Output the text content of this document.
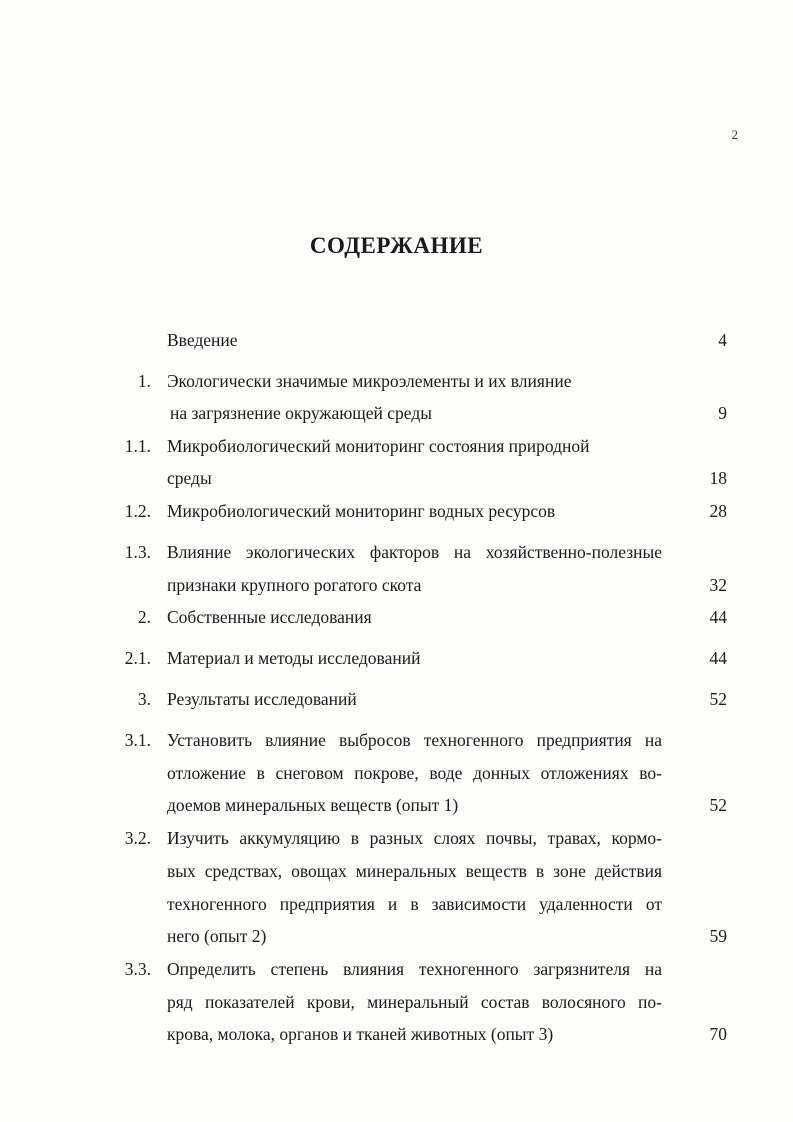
2
СОДЕРЖАНИЕ
Введение	4
1. Экологически значимые микроэлементы и их влияние
на загрязнение окружающей среды	9
1.1. Микробиологический мониторинг состояния природной
среды	18
1.2. Микробиологический мониторинг водных ресурсов	28
1.3. Влияние экологических факторов на хозяйственно-полезные
признаки крупного рогатого скота	32
2. Собственные исследования	44
2.1. Материал и методы исследований	44
3. Результаты исследований	52
3.1. Установить влияние выбросов техногенного предприятия на
отложение в снеговом покрове, воде донных отложениях во-
доемов минеральных веществ (опыт 1)	52
3.2. Изучить аккумуляцию в разных слоях почвы, травах, кормо-
вых средствах, овощах минеральных веществ в зоне действия
техногенного предприятия и в зависимости удаленности от
него (опыт 2)	59
3.3. Определить степень влияния техногенного загрязнителя на
ряд показателей крови, минеральный состав волосяного по-
крова, молока, органов и тканей животных (опыт 3)	70
